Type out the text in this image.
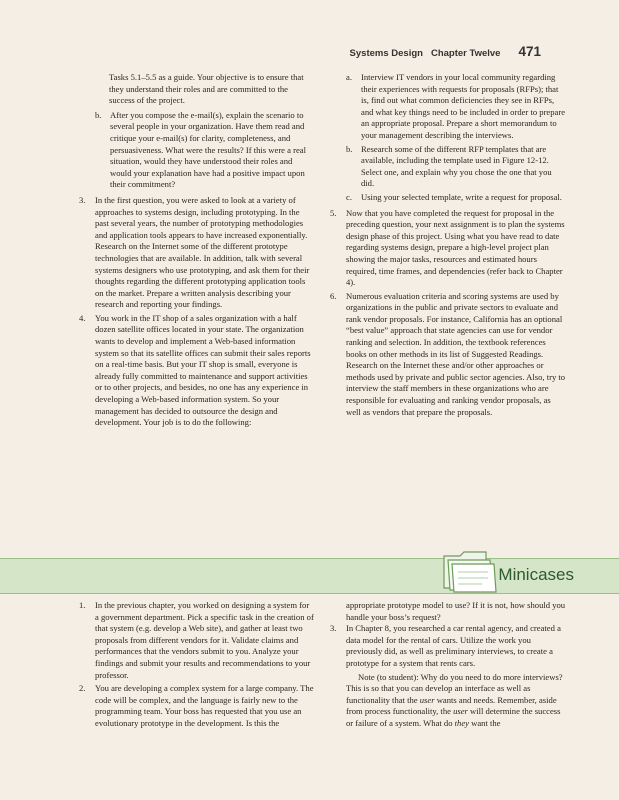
Systems Design Chapter Twelve 471

Tasks 5.1–5.5 as a guide. Your objective is to ensure that they understand their roles and are committed to the success of the project.

b. After you compose the e-mail(s), explain the scenario to several people in your organization. Have them read and critique your e-mail(s) for clarity, completeness, and persuasiveness. What were the results? If this were a real situation, would they have understood their roles and would your explanation have had a positive impact upon their commitment?
3.	In the first question, you were asked to look at a variety of approaches to systems design, including prototyping. In the past several years, the number of prototyping methodologies and application tools appears to have increased exponentially. Research on the Internet some of the different prototype technologies that are available. In addition, talk with several systems designers who use prototyping, and ask them for their thoughts regarding the different prototyping application tools on the market. Prepare a written analysis describing your research and reporting your findings.
4.	You work in the IT shop of a sales organization with a half dozen satellite offices located in your state. The organization wants to develop and implement a Web-based information system so that its satellite offices can submit their sales reports on a real-time basis. But your IT shop is small, everyone is already fully committed to maintenance and support activities or to other projects, and besides, no one has any experience in developing a Web-based information system. So your management has decided to outsource the design and development. Your job is to do the following:
a.	Interview IT vendors in your local community regarding their experiences with requests for proposals (RFPs); that is, find out what common deficiencies they see in RFPs, and what key things need to be included in order to prepare an appropriate proposal. Prepare a short memorandum to your management describing the interviews.
b. Research some of the different RFP templates that are available, including the template used in Figure 12-12. Select one, and explain why you chose the one that you did.
c.	Using your selected template, write a request for proposal.
5.	Now that you have completed the request for proposal in the preceding question, your next assignment is to plan the systems design phase of this project. Using what you have read to date regarding systems design, prepare a high-level project plan showing the major tasks, resources and estimated hours required, time frames, and dependencies (refer back to Chapter 4).
6.	Numerous evaluation criteria and scoring systems are used by organizations in the public and private sectors to evaluate and rank vendor proposals. For instance, California has an optional “best value” approach that state agencies can use for vendor ranking and selection. In addition, the textbook references books on other methods in its list of Suggested Readings. Research on the Internet these and/or other approaches or methods used by private and public sector agencies. Also, try to interview the staff members in these organizations who are responsible for evaluating and ranking vendor proposals, as well as vendors that prepare the proposals.
Minicases
1.	In the previous chapter, you worked on designing a system for a government department. Pick a specific task in the creation of that system (e.g. develop a Web site), and gather at least two proposals from different vendors for it. Validate claims and performances that the vendors submit to you. Analyze your findings and submit your results and recommendations to your professor.
2.	You are developing a complex system for a large company. The code will be complex, and the language is fairly new to the programming team. Your boss has requested that you use an evolutionary prototype in the development. Is this the

appropriate prototype model to use? If it is not, how should you handle your boss’s request?

3.	In Chapter 8, you researched a car rental agency, and created a data model for the rental of cars. Utilize the work you previously did, as well as preliminary interviews, to create a prototype for a system that rents cars.

Note (to student): Why do you need to do more interviews? This is so that you can develop an interface as well as functionality that the user wants and needs. Remember, aside from process functionality, the user will determine the success or failure of a system. What do they want the
